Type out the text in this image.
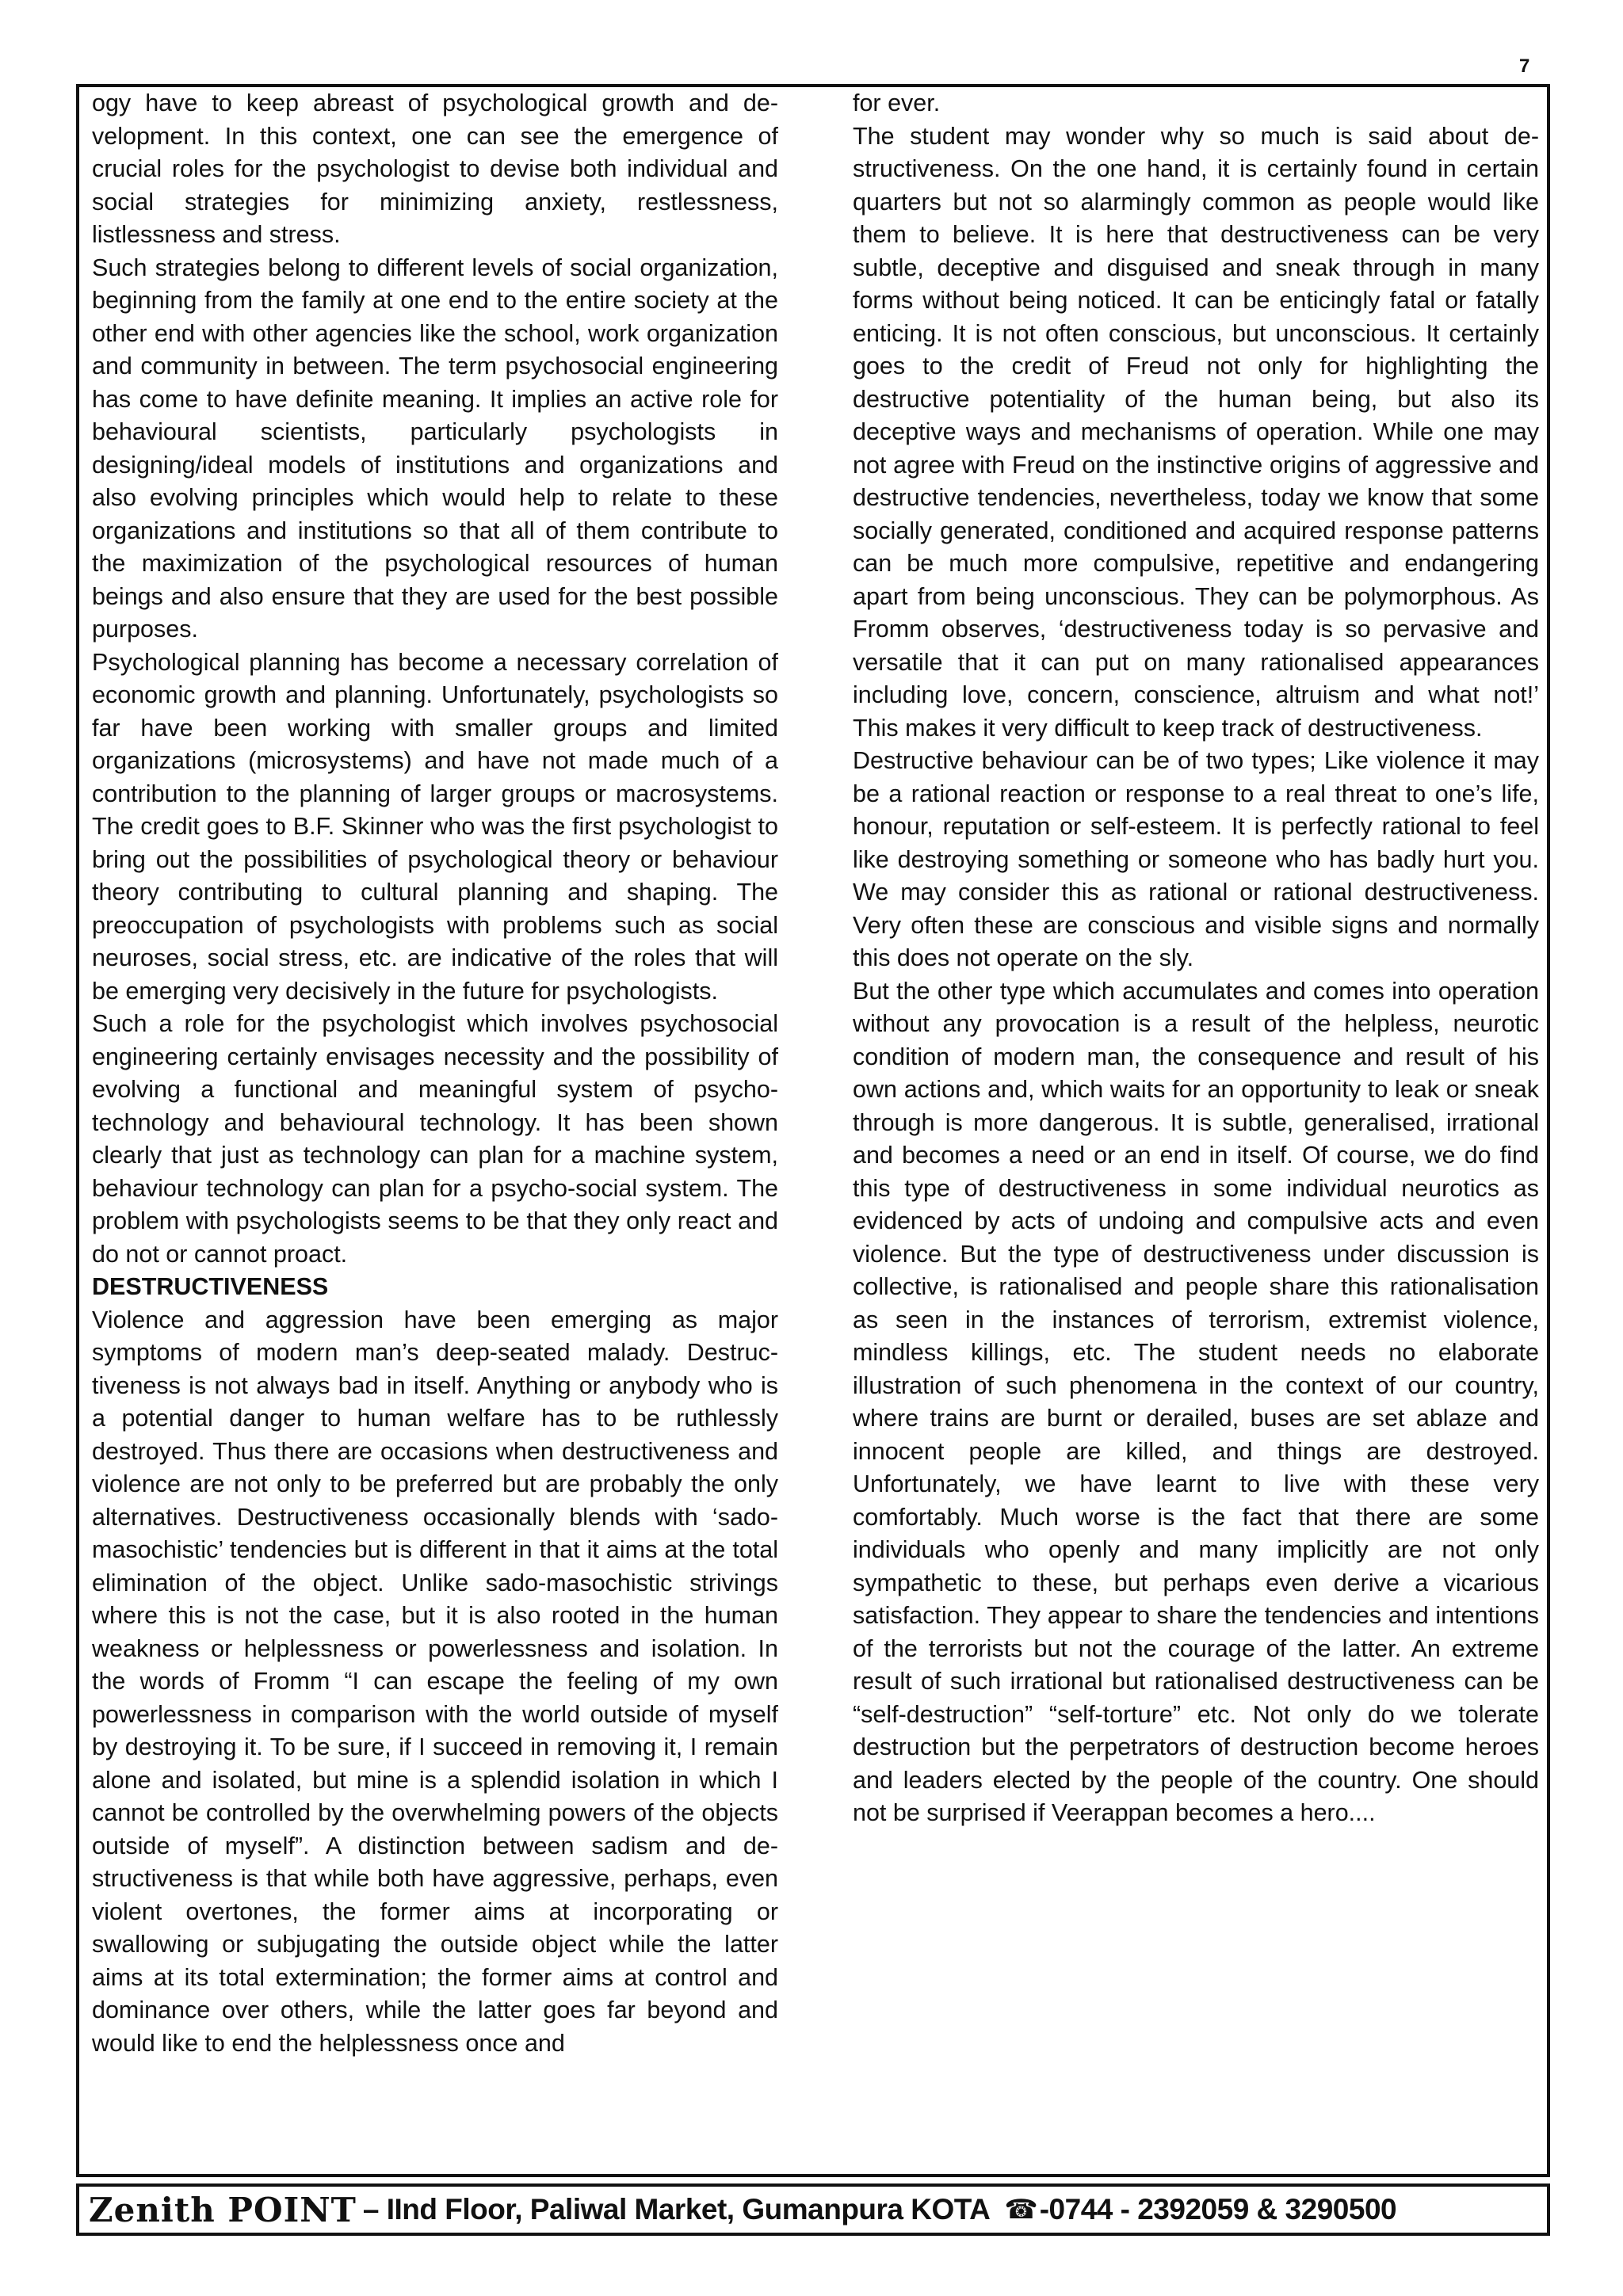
7

ogy have to keep abreast of psychological growth and development. In this context, one can see the emergence of crucial roles for the psychologist to devise both individual and social strategies for minimizing anxiety, restlessness, listlessness and stress.

Such strategies belong to different levels of social organization, beginning from the family at one end to the entire society at the other end with other agencies like the school, work organization and community in between. The term psychosocial engineering has come to have definite meaning. It implies an active role for behavioural scientists, particularly psychologists in designing/ideal models of institutions and organizations and also evolving principles which would help to relate to these organizations and institutions so that all of them contribute to the maximization of the psychological resources of human beings and also ensure that they are used for the best possible purposes.

Psychological planning has become a necessary correlation of economic growth and planning. Unfortunately, psychologists so far have been working with smaller groups and limited organizations (microsystems) and have not made much of a contribution to the planning of larger groups or macrosystems. The credit goes to B.F. Skinner who was the first psychologist to bring out the possibilities of psychological theory or behaviour theory contributing to cultural planning and shaping. The preoccupation of psychologists with problems such as social neuroses, social stress, etc. are indicative of the roles that will be emerging very decisively in the future for psychologists.

Such a role for the psychologist which involves psychosocial engineering certainly envisages necessity and the possibility of evolving a functional and meaningful system of psycho-technology and behavioural technology. It has been shown clearly that just as technology can plan for a machine system, behaviour technology can plan for a psycho-social system. The problem with psychologists seems to be that they only react and do not or cannot proact.

DESTRUCTIVENESS

Violence and aggression have been emerging as major symptoms of modern man’s deep-seated malady. Destructiveness is not always bad in itself. Anything or anybody who is a potential danger to human welfare has to be ruthlessly destroyed. Thus there are occasions when destructiveness and violence are not only to be preferred but are probably the only alternatives. Destructiveness occasionally blends with ‘sado-masochistic’ tendencies but is different in that it aims at the total elimination of the object. Unlike sado-masochistic strivings where this is not the case, but it is also rooted in the human weakness or helplessness or powerlessness and isolation. In the words of Fromm “I can escape the feeling of my own powerlessness in comparison with the world outside of myself by destroying it. To be sure, if I succeed in removing it, I remain alone and isolated, but mine is a splendid isolation in which I cannot be controlled by the overwhelming powers of the objects outside of myself”. A distinction between sadism and destructiveness is that while both have aggressive, perhaps, even violent overtones, the former aims at incorporating or swallowing or subjugating the outside object while the latter aims at its total extermination; the former aims at control and dominance over others, while the latter goes far beyond and would like to end the helplessness once and

for ever.

The student may wonder why so much is said about destructiveness. On the one hand, it is certainly found in certain quarters but not so alarmingly common as people would like them to believe. It is here that destructiveness can be very subtle, deceptive and disguised and sneak through in many forms without being noticed. It can be enticingly fatal or fatally enticing. It is not often conscious, but unconscious. It certainly goes to the credit of Freud not only for highlighting the destructive potentiality of the human being, but also its deceptive ways and mechanisms of operation. While one may not agree with Freud on the instinctive origins of aggressive and destructive tendencies, nevertheless, today we know that some socially generated, conditioned and acquired response patterns can be much more compulsive, repetitive and endangering apart from being unconscious. They can be polymorphous. As Fromm observes, ‘destructiveness today is so pervasive and versatile that it can put on many rationalised appearances including love, concern, conscience, altruism and what not!’ This makes it very difficult to keep track of destructiveness.

Destructive behaviour can be of two types; Like violence it may be a rational reaction or response to a real threat to one’s life, honour, reputation or self-esteem. It is perfectly rational to feel like destroying something or someone who has badly hurt you. We may consider this as rational or rational destructiveness. Very often these are conscious and visible signs and normally this does not operate on the sly.

But the other type which accumulates and comes into operation without any provocation is a result of the helpless, neurotic condition of modern man, the consequence and result of his own actions and, which waits for an opportunity to leak or sneak through is more dangerous. It is subtle, generalised, irrational and becomes a need or an end in itself. Of course, we do find this type of destructiveness in some individual neurotics as evidenced by acts of undoing and compulsive acts and even violence. But the type of destructiveness under discussion is collective, is rationalised and people share this rationalisation as seen in the instances of terrorism, extremist violence, mindless killings, etc. The student needs no elaborate illustration of such phenomena in the context of our country, where trains are burnt or derailed, buses are set ablaze and innocent people are killed, and things are destroyed. Unfortunately, we have learnt to live with these very comfortably. Much worse is the fact that there are some individuals who openly and many implicitly are not only sympathetic to these, but perhaps even derive a vicarious satisfaction. They appear to share the tendencies and intentions of the terrorists but not the courage of the latter. An extreme result of such irrational but rationalised destructiveness can be “self-destruction” “self-torture” etc. Not only do we tolerate destruction but the perpetrators of destruction become heroes and leaders elected by the people of the country. One should not be surprised if Veerappan becomes a hero....

Zenith POINT – IInd Floor, Paliwal Market, Gumanpura KOTA ☎ -0744 - 2392059 & 3290500
